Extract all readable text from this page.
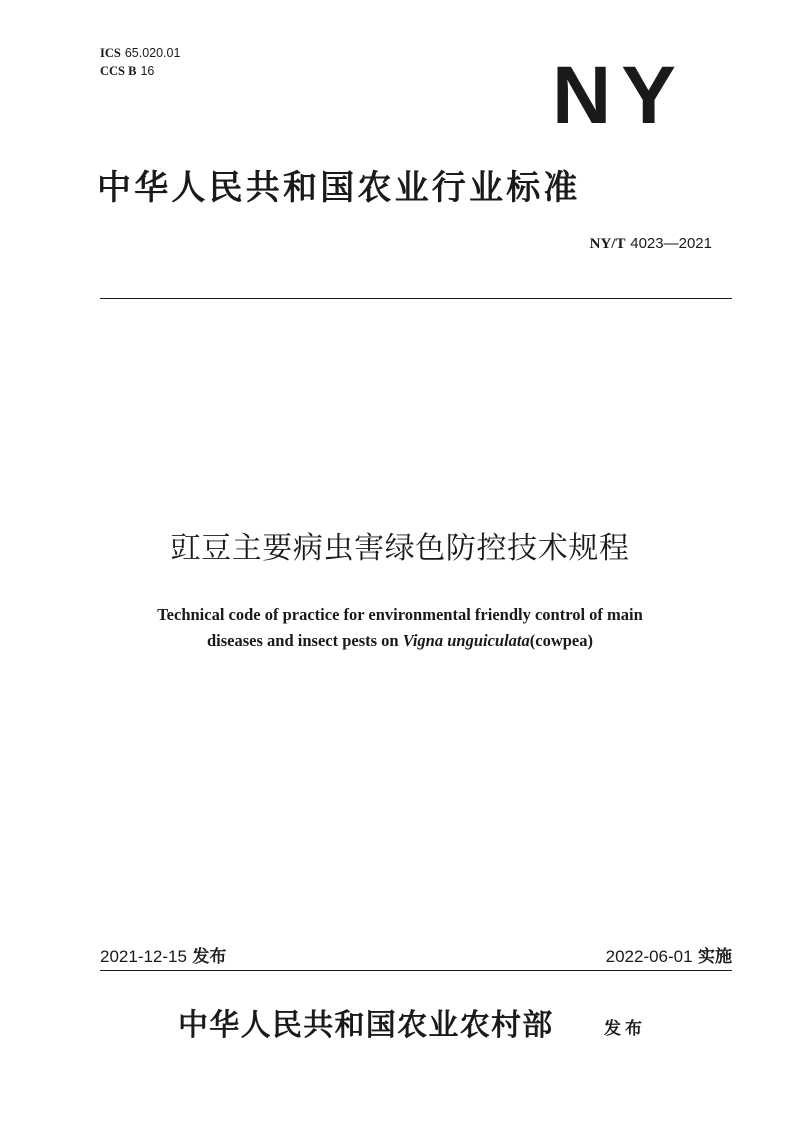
ICS 65.020.01
CCS B 16	NY
中华人民共和国农业行业标准
NY/T 4023—2021
豇豆主要病虫害绿色防控技术规程
Technical code of practice for environmental friendly control of main
diseases and insect pests on Vigna unguiculata(cowpea)
2021-12-15 发布	2022-06-01 实施
中华人民共和国农业农村部	发布
